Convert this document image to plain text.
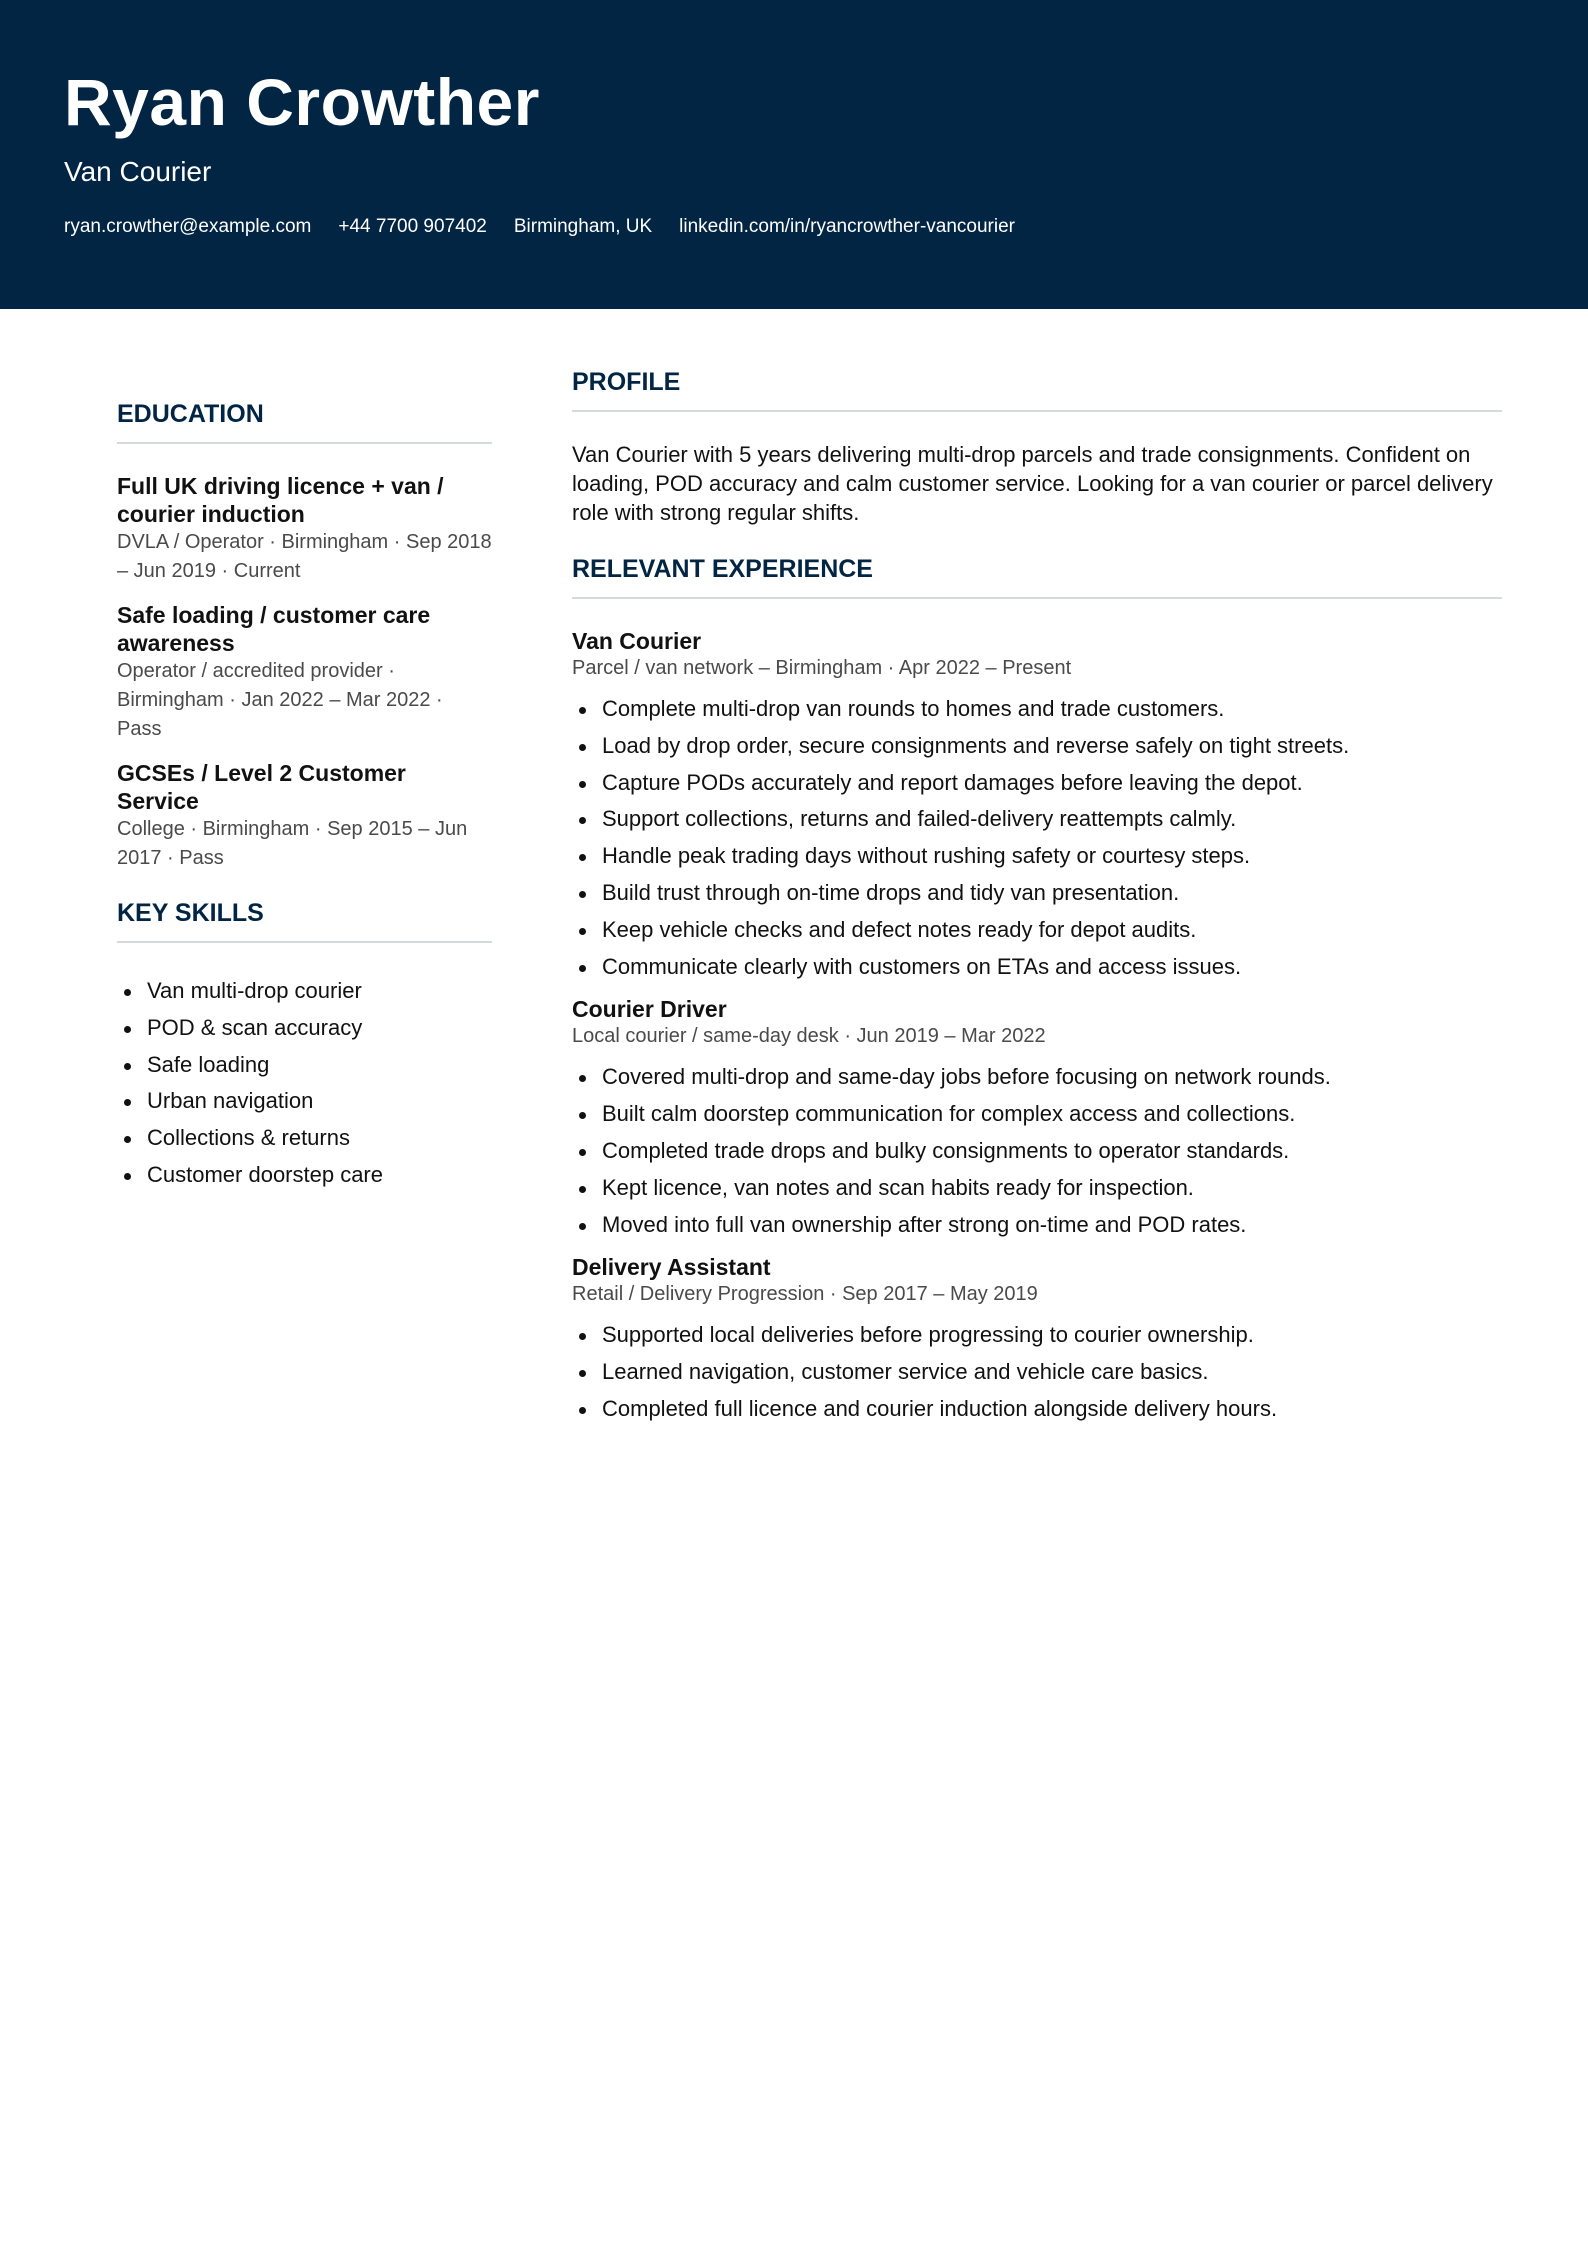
Ryan Crowther
Van Courier
ryan.crowther@example.com +44 7700 907402 Birmingham, UK linkedin.com/in/ryancrowther-vancourier
EDUCATION
Full UK driving licence + van / courier induction
DVLA / Operator · Birmingham · Sep 2018 – Jun 2019 · Current
Safe loading / customer care awareness
Operator / accredited provider · Birmingham · Jan 2022 – Mar 2022 · Pass
GCSEs / Level 2 Customer Service
College · Birmingham · Sep 2015 – Jun 2017 · Pass
KEY SKILLS
Van multi-drop courier
POD & scan accuracy
Safe loading
Urban navigation
Collections & returns
Customer doorstep care
PROFILE
Van Courier with 5 years delivering multi-drop parcels and trade consignments. Confident on loading, POD accuracy and calm customer service. Looking for a van courier or parcel delivery role with strong regular shifts.
RELEVANT EXPERIENCE
Van Courier
Parcel / van network – Birmingham · Apr 2022 – Present
Complete multi-drop van rounds to homes and trade customers.
Load by drop order, secure consignments and reverse safely on tight streets.
Capture PODs accurately and report damages before leaving the depot.
Support collections, returns and failed-delivery reattempts calmly.
Handle peak trading days without rushing safety or courtesy steps.
Build trust through on-time drops and tidy van presentation.
Keep vehicle checks and defect notes ready for depot audits.
Communicate clearly with customers on ETAs and access issues.
Courier Driver
Local courier / same-day desk · Jun 2019 – Mar 2022
Covered multi-drop and same-day jobs before focusing on network rounds.
Built calm doorstep communication for complex access and collections.
Completed trade drops and bulky consignments to operator standards.
Kept licence, van notes and scan habits ready for inspection.
Moved into full van ownership after strong on-time and POD rates.
Delivery Assistant
Retail / Delivery Progression · Sep 2017 – May 2019
Supported local deliveries before progressing to courier ownership.
Learned navigation, customer service and vehicle care basics.
Completed full licence and courier induction alongside delivery hours.
